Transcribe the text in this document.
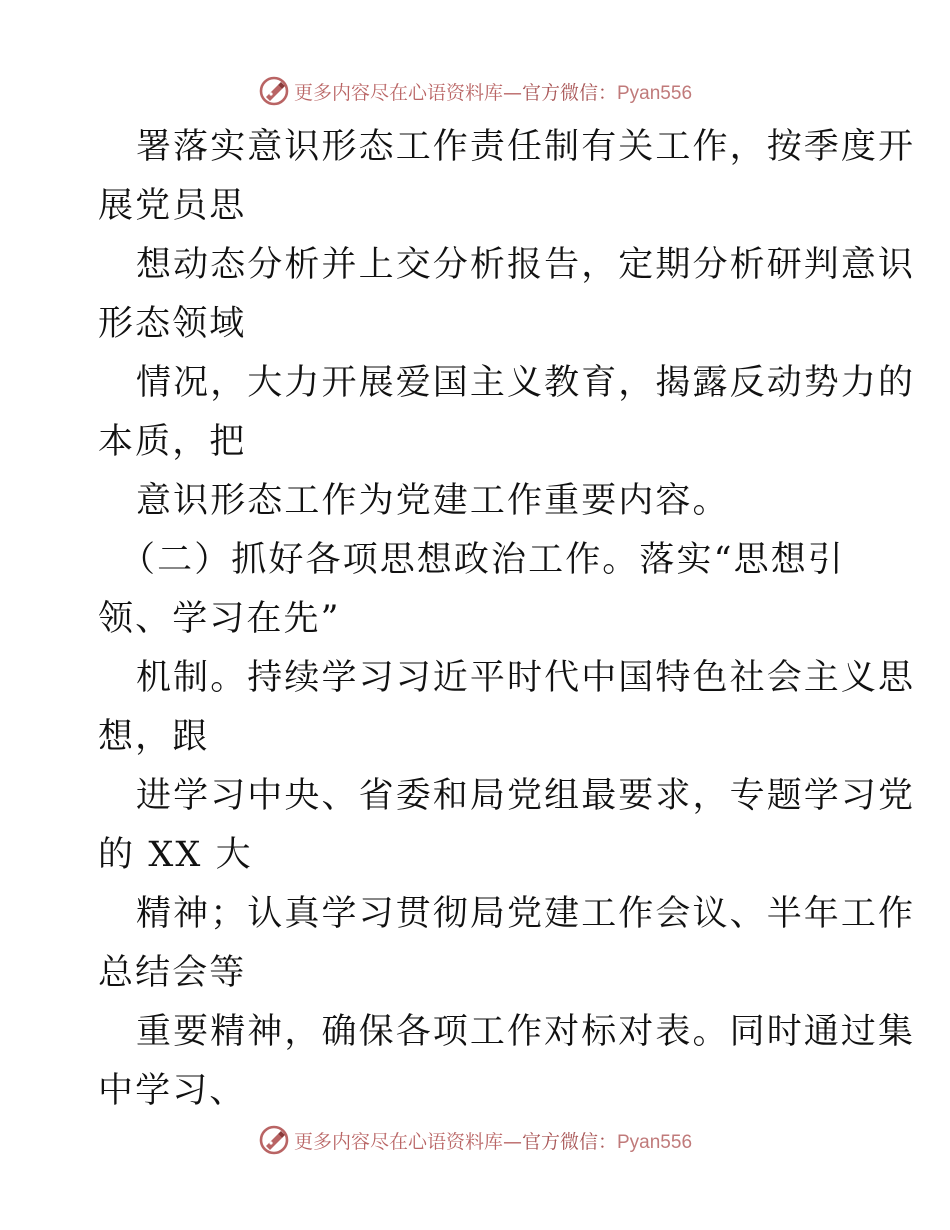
更多内容尽在心语资料库—官方微信：Pyan556
署落实意识形态工作责任制有关工作，按季度开
展党员思
想动态分析并上交分析报告，定期分析研判意识
形态领域
情况，大力开展爱国主义教育，揭露反动势力的
本质，把
意识形态工作为党建工作重要内容。
（二）抓好各项思想政治工作。落实“思想引
领、学习在先”
机制。持续学习习近平时代中国特色社会主义思
想，跟
进学习中央、省委和局党组最要求，专题学习党
的 XX 大
精神；认真学习贯彻局党建工作会议、半年工作
总结会等
重要精神，确保各项工作对标对表。同时通过集
中学习、
更多内容尽在心语资料库—官方微信：Pyan556
